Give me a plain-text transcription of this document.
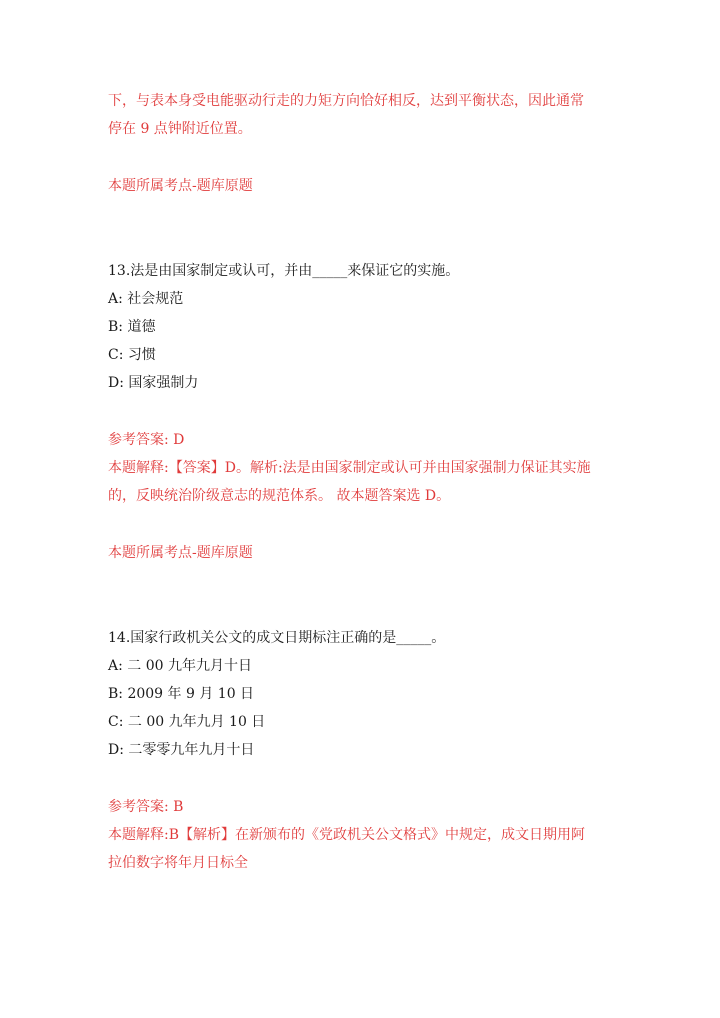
下，与表本身受电能驱动行走的力矩方向恰好相反，达到平衡状态，因此通常
停在 9 点钟附近位置。
本题所属考点-题库原题
13.法是由国家制定或认可，并由_____来保证它的实施。
A: 社会规范
B: 道德
C: 习惯
D: 国家强制力
参考答案: D
本题解释:【答案】D。解析:法是由国家制定或认可并由国家强制力保证其实施
的，反映统治阶级意志的规范体系。 故本题答案选 D。
本题所属考点-题库原题
14.国家行政机关公文的成文日期标注正确的是_____。
A: 二 00 九年九月十日
B: 2009 年 9 月 10 日
C: 二 00 九年九月 10 日
D: 二零零九年九月十日
参考答案: B
本题解释:B【解析】在新颁布的《党政机关公文格式》中规定，成文日期用阿
拉伯数字将年月日标全
